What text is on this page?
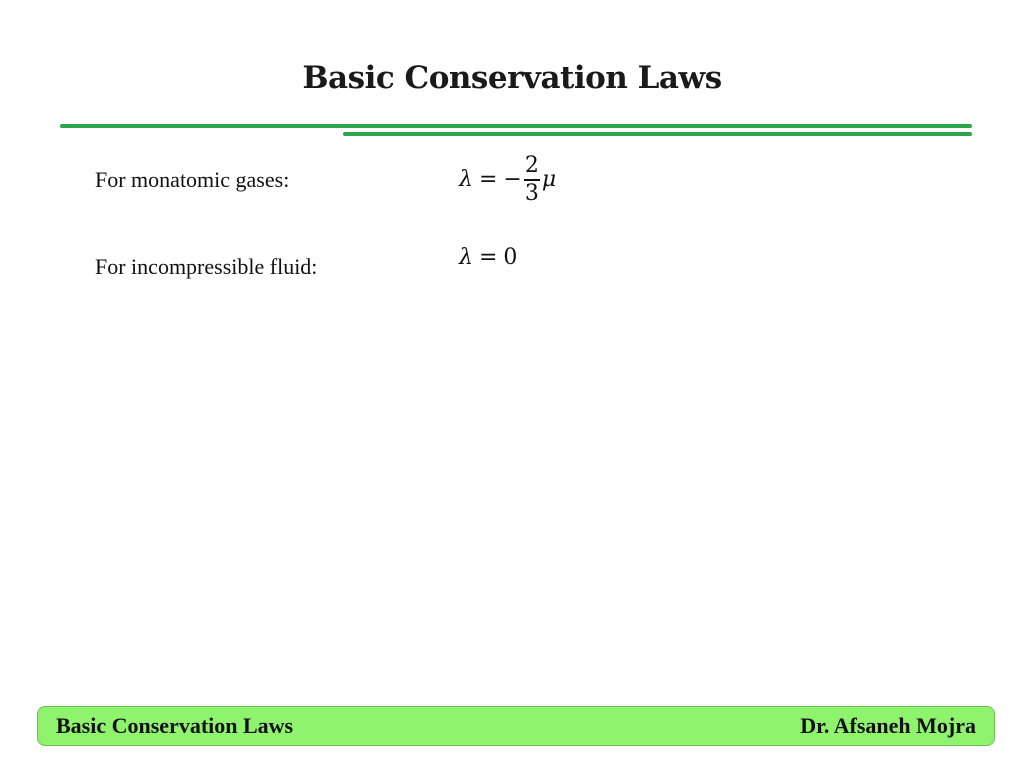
Basic Conservation Laws
For monatomic gases:	λ = − $\frac{2}{3}$ μ
For incompressible fluid:	λ = 0
Basic Conservation Laws	Dr. Afsaneh Mojra
